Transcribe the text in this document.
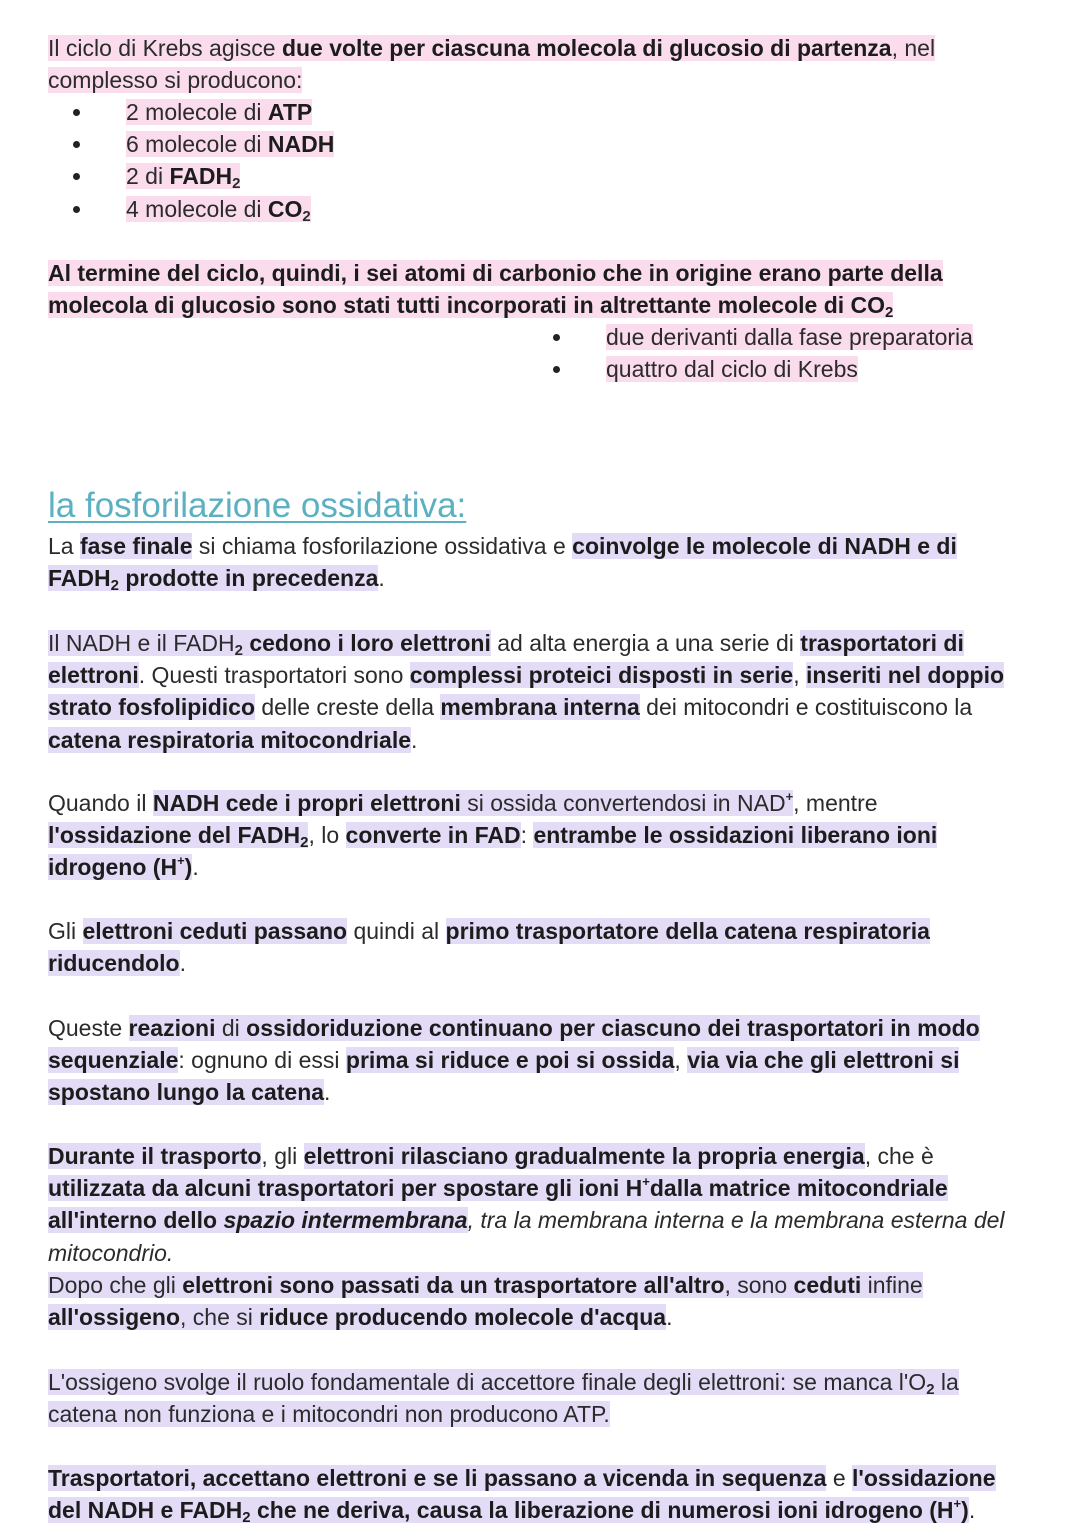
Il ciclo di Krebs agisce due volte per ciascuna molecola di glucosio di partenza, nel complesso si producono:

2 molecole di ATP
6 molecole di NADH
2 di $FADH_2$
4 molecole di $CO_2$

Al termine del ciclo, quindi, i sei atomi di carbonio che in origine erano parte della molecola di glucosio sono stati tutti incorporati in altrettante molecole di $CO_2$

due derivanti dalla fase preparatoria
quattro dal ciclo di Krebs
la fosforilazione ossidativa:

La fase finale si chiama fosforilazione ossidativa e coinvolge le molecole di NADH e di $FADH_2$ prodotte in precedenza.

Il NADH e il $FADH_2$ cedono i loro elettroni ad alta energia a una serie di trasportatori di elettroni. Questi trasportatori sono complessi proteici disposti in serie, inseriti nel doppio strato fosfolipidico delle creste della membrana interna dei mitocondri e costituiscono la catena respiratoria mitocondriale.

Quando il NADH cede i propri elettroni si ossida convertendosi in NAD+, mentre l'ossidazione del $FADH_2$, lo converte in FAD: entrambe le ossidazioni liberano ioni idrogeno (H+).

Gli elettroni ceduti passano quindi al primo trasportatore della catena respiratoria riducendolo.

Queste reazioni di ossidoriduzione continuano per ciascuno dei trasportatori in modo sequenziale: ognuno di essi prima si riduce e poi si ossida, via via che gli elettroni si spostano lungo la catena.

Durante il trasporto, gli elettroni rilasciano gradualmente la propria energia, che è utilizzata da alcuni trasportatori per spostare gli ioni H+dalla matrice mitocondriale all'interno dello spazio intermembrana, tra la membrana interna e la membrana esterna del mitocondrio.

Dopo che gli elettroni sono passati da un trasportatore all'altro, sono ceduti infine all'ossigeno, che si riduce producendo molecole d'acqua.

L'ossigeno svolge il ruolo fondamentale di accettore finale degli elettroni: se manca $l'O_2$ la catena non funziona e i mitocondri non producono ATP.

Trasportatori, accettano elettroni e se li passano a vicenda in sequenza e l'ossidazione del NADH e $FADH_2$ che ne deriva, causa la liberazione di numerosi ioni idrogeno (H+).
